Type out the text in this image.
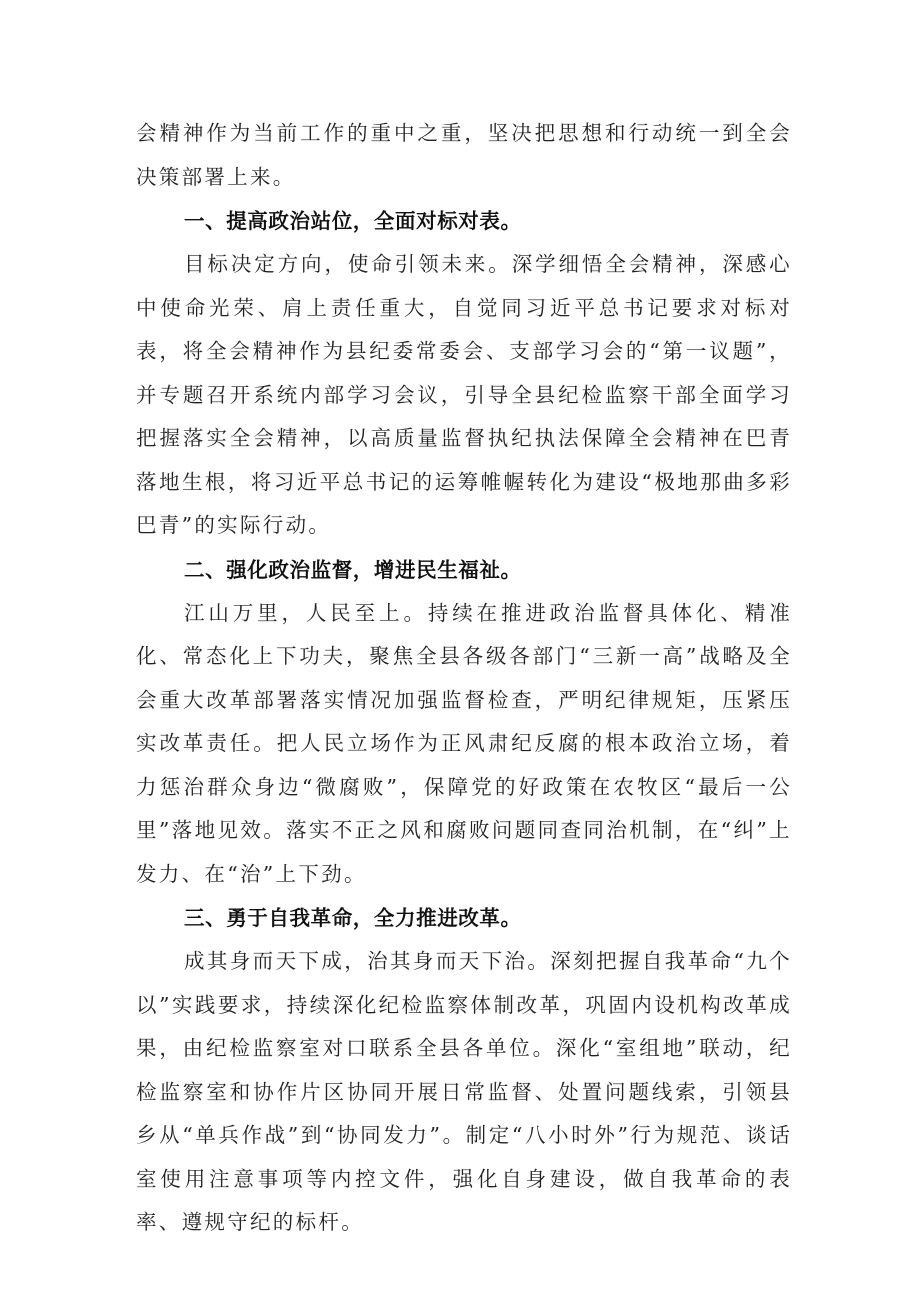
会精神作为当前工作的重中之重，坚决把思想和行动统一到全会决策部署上来。

一、提高政治站位，全面对标对表。

目标决定方向，使命引领未来。深学细悟全会精神，深感心中使命光荣、肩上责任重大，自觉同习近平总书记要求对标对表，将全会精神作为县纪委常委会、支部学习会的“第一议题”，并专题召开系统内部学习会议，引导全县纪检监察干部全面学习把握落实全会精神，以高质量监督执纪执法保障全会精神在巴青落地生根，将习近平总书记的运筹帷幄转化为建设“极地那曲多彩巴青”的实际行动。

二、强化政治监督，增进民生福祉。

江山万里，人民至上。持续在推进政治监督具体化、精准化、常态化上下功夫，聚焦全县各级各部门“三新一高”战略及全会重大改革部署落实情况加强监督检查，严明纪律规矩，压紧压实改革责任。把人民立场作为正风肃纪反腐的根本政治立场，着力惩治群众身边“微腐败”，保障党的好政策在农牧区“最后一公里”落地见效。落实不正之风和腐败问题同查同治机制，在“纠”上发力、在“治”上下劲。

三、勇于自我革命，全力推进改革。

成其身而天下成，治其身而天下治。深刻把握自我革命“九个以”实践要求，持续深化纪检监察体制改革，巩固内设机构改革成果，由纪检监察室对口联系全县各单位。深化“室组地”联动，纪检监察室和协作片区协同开展日常监督、处置问题线索，引领县乡从“单兵作战”到“协同发力”。制定“八小时外”行为规范、谈话室使用注意事项等内控文件，强化自身建设，做自我革命的表率、遵规守纪的标杆。
